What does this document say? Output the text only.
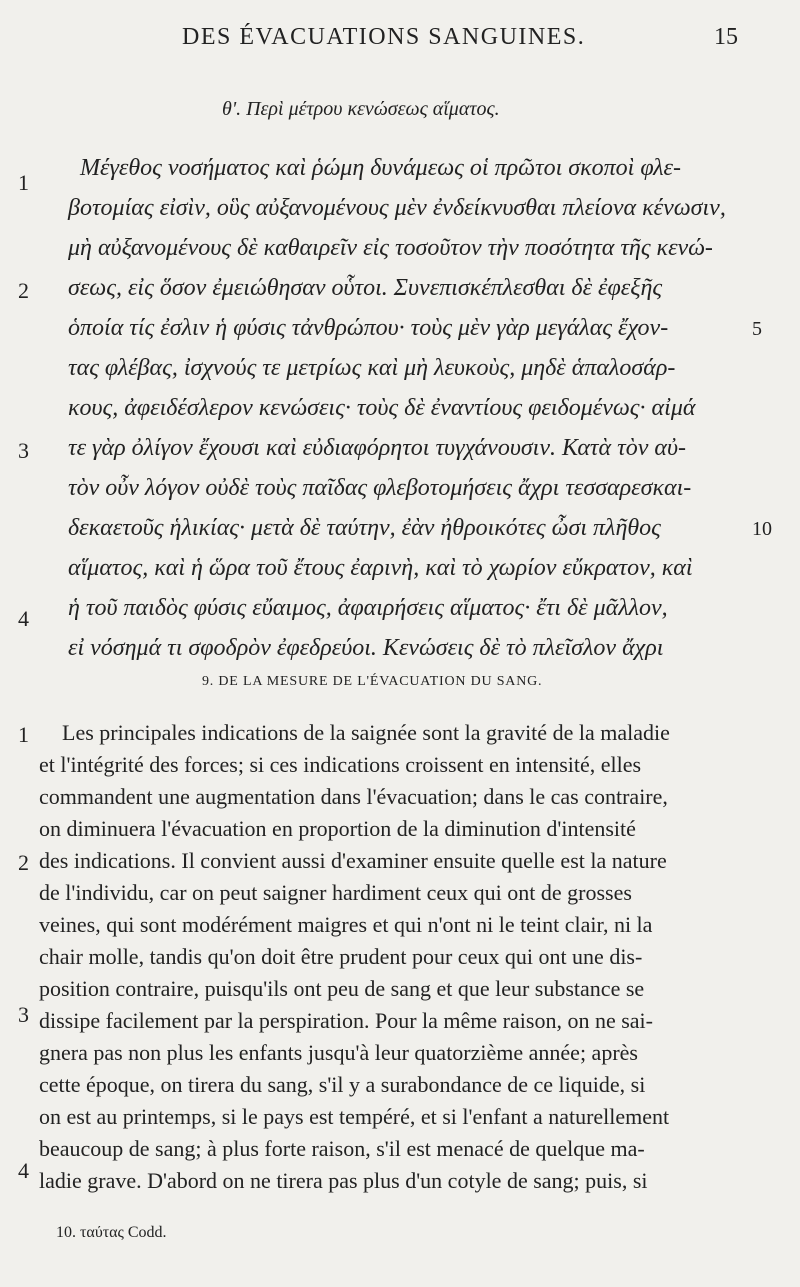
DES ÉVACUATIONS SANGUINES.	15
θ'. Περὶ μέτρου κενώσεως αἵματος.
Μέγεθος νοσήματος καὶ ῥώμη δυνάμεως οἱ πρῶτοι σκοποὶ φλε-
βοτομίας εἰσὶν, οὓς αὐξανομένους μὲν ἐνδείκνυσθαι πλείονα κένωσιν,
μὴ αὐξανομένους δὲ καθαιρεῖν εἰς τοσοῦτον τὴν ποσότητα τῆς κενώ-
σεως, εἰς ὅσον ἐμειώθησαν οὗτοι. Συνεπισκέπλεσθαι δὲ ἐφεξῆς
ὁποία τίς ἐσλιν ἡ φύσις τἀνθρώπου· τοὺς μὲν γὰρ μεγάλας ἔχον-
τας φλέβας, ἰσχνούς τε μετρίως καὶ μὴ λευκοὺς, μηδὲ ἁπαλοσάρ-
κους, ἀφειδέσλερον κενώσεις· τοὺς δὲ ἐναντίους φειδομένως· αἰμά
τε γὰρ ὀλίγον ἔχουσι καὶ εὐδιαφόρητοι τυγχάνουσιν. Κατὰ τὸν αὐ-
τὸν οὖν λόγον οὐδὲ τοὺς παῖδας φλεβοτομήσεις ἄχρι τεσσαρεσκαι-
δεκαετοῦς ἡλικίας· μετὰ δὲ ταύτην, ἐὰν ἠθροικότες ὦσι πλῆθος
αἵματος, καὶ ἡ ὥρα τοῦ ἔτους ἐαρινὴ, καὶ τὸ χωρίον εὔκρατον, καὶ
ἡ τοῦ παιδὸς φύσις εὔαιμος, ἀφαιρήσεις αἵματος· ἔτι δὲ μᾶλλον,
εἰ νόσημά τι σφοδρὸν ἐφεδρεύοι. Κενώσεις δὲ τὸ πλεῖσλον ἄχρι
1
2
3
4
5
10
9. DE LA MESURE DE L'ÉVACUATION DU SANG.
Les principales indications de la saignée sont la gravité de la maladie
et l'intégrité des forces; si ces indications croissent en intensité, elles
commandent une augmentation dans l'évacuation; dans le cas contraire,
on diminuera l'évacuation en proportion de la diminution d'intensité
des indications. Il convient aussi d'examiner ensuite quelle est la nature
de l'individu, car on peut saigner hardiment ceux qui ont de grosses
veines, qui sont modérément maigres et qui n'ont ni le teint clair, ni la
chair molle, tandis qu'on doit être prudent pour ceux qui ont une dis-
position contraire, puisqu'ils ont peu de sang et que leur substance se
dissipe facilement par la perspiration. Pour la même raison, on ne sai-
gnera pas non plus les enfants jusqu'à leur quatorzième année; après
cette époque, on tirera du sang, s'il y a surabondance de ce liquide, si
on est au printemps, si le pays est tempéré, et si l'enfant a naturellement
beaucoup de sang; à plus forte raison, s'il est menacé de quelque ma-
ladie grave. D'abord on ne tirera pas plus d'un cotyle de sang; puis, si
1
2
3
4
10. ταύτας Codd.
